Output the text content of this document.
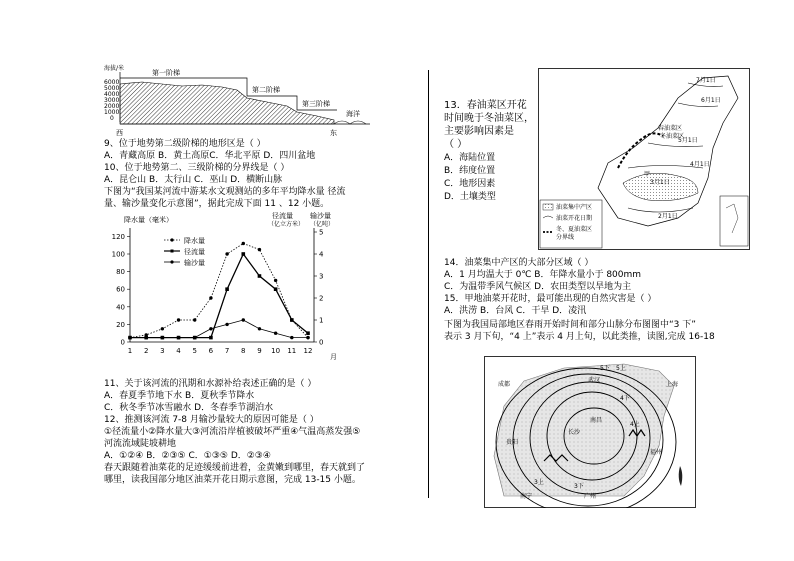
海拔/米
6000
5000
4000
3000
2000
1000
0
第一阶梯
第二阶梯
第三阶梯
海洋
西	东
9、位于地势第二级阶梯的地形区是（ ）
A．青藏高原 B．黄土高原C．华北平原 D．四川盆地
10、位于地势第二、三级阶梯的分界线是（ ）
A．昆仑山 B．太行山 C．巫山 D．横断山脉
下图为“我国某河流中游某水文观测站的多年平均降水量 径流
量、输沙量变化示意图”，据此完成下面 11 、12 小题。
降水量（毫米）	径流量
（亿立方米）
输沙量
（亿吨）
0
20
40
60
80
100
120
0
1
2
3
4
5
1 2 3 4 5 6 7 8 9 10 11 12
降水量
径流量
输沙量
月
11、关于该河流的汛期和水源补给表述正确的是（ ）
A．春夏季节地下水 B．夏秋季节降水
C．秋冬季节冰雪融水 D．冬春季节湖泊水
12、推测该河流 7-8 月输沙量较大的原因可能是（ ）
①径流量小②降水量大③河流沿岸植被破坏严重④气温高蒸发强⑤
河流流域陡坡耕地
A．①②④ B．②③⑤ C．①③⑤ D．②③④
春天跟随着油菜花的足迹缓缓前进着，金黄嫩到哪里，春天就到了
哪里，读我国部分地区油菜开花日期示意图，完成 13-15 小题。
13．春油菜区开花
时间晚于冬油菜区，
主要影响因素是
（ ）
A．海陆位置
B．纬度位置
C．地形因素
D．土壤类型
7月1日
6月1日
春油菜区
冬油菜区
5月1日
4月1日
3月1日
2月1日
甲
油菜集中产区
油菜开花日期
冬、夏油菜区
分界线
14．油菜集中产区的大部分区域（ ）
A．1 月均温大于 0℃ B．年降水量小于 800mm
C．为温带季风气候区 D．农田类型以旱地为主
15．甲地油菜开花时，最可能出现的自然灾害是（ ）
A．洪涝 B．台风 C．干旱 D．凌汛
下图为我国局部地区春雨开始时间和部分山脉分布图图中“3 下”
表示 3 月下旬，“4 上”表示 4 月上旬，以此类推，读图,完成 16-18
5下 5上
4下
4上
3下
3上
成都
武汉
上海
南昌
长沙
贵阳
福州
南宁	广州
